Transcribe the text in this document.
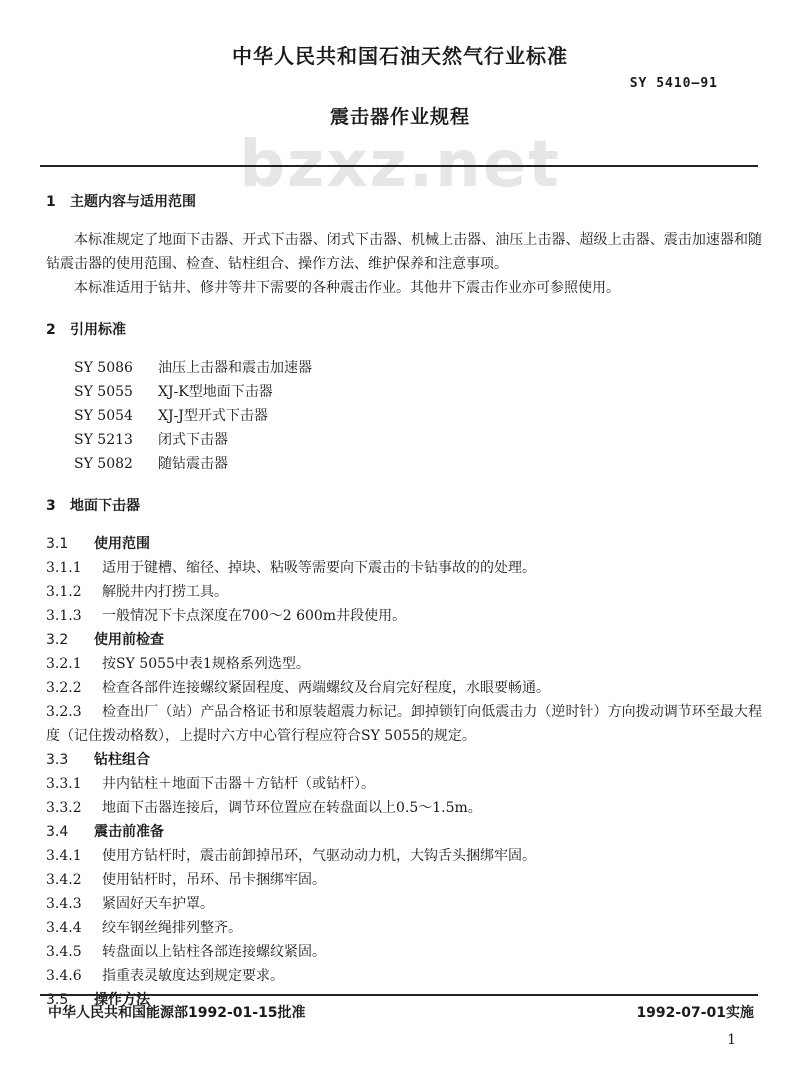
中华人民共和国石油天然气行业标准
SY 5410—91
震击器作业规程
bzxz.net

1 主题内容与适用范围

本标准规定了地面下击器、开式下击器、闭式下击器、机械上击器、油压上击器、超级上击器、震击加速器和随钻震击器的使用范围、检查、钻柱组合、操作方法、维护保养和注意事项。

本标准适用于钻井、修井等井下需要的各种震击作业。其他井下震击作业亦可参照使用。

2 引用标准

SY 5086 油压上击器和震击加速器
SY 5055 XJ-K型地面下击器
SY 5054 XJ-J型开式下击器
SY 5213 闭式下击器
SY 5082 随钻震击器

3 地面下击器

3.1 使用范围

3.1.1 适用于键槽、缩径、掉块、粘吸等需要向下震击的卡钻事故的的处理。

3.1.2 解脱井内打捞工具。

3.1.3 一般情况下卡点深度在700～2 600m井段使用。

3.2 使用前检查

3.2.1 按SY 5055中表1规格系列选型。

3.2.2 检查各部件连接螺纹紧固程度、两端螺纹及台肩完好程度，水眼要畅通。

3.2.3 检查出厂（站）产品合格证书和原装超震力标记。卸掉锁钉向低震击力（逆时针）方向拨动调节环至最大程度（记住拨动格数），上提时六方中心管行程应符合SY 5055的规定。

3.3 钻柱组合

3.3.1 井内钻柱＋地面下击器＋方钻杆（或钻杆）。

3.3.2 地面下击器连接后，调节环位置应在转盘面以上0.5～1.5m。

3.4 震击前准备

3.4.1 使用方钻杆时，震击前卸掉吊环，气驱动动力机，大钩舌头捆绑牢固。

3.4.2 使用钻杆时，吊环、吊卡捆绑牢固。

3.4.3 紧固好天车护罩。

3.4.4 绞车钢丝绳排列整齐。

3.4.5 转盘面以上钻柱各部连接螺纹紧固。

3.4.6 指重表灵敏度达到规定要求。

3.5 操作方法

中华人民共和国能源部1992-01-15批准	1992-07-01实施
1
